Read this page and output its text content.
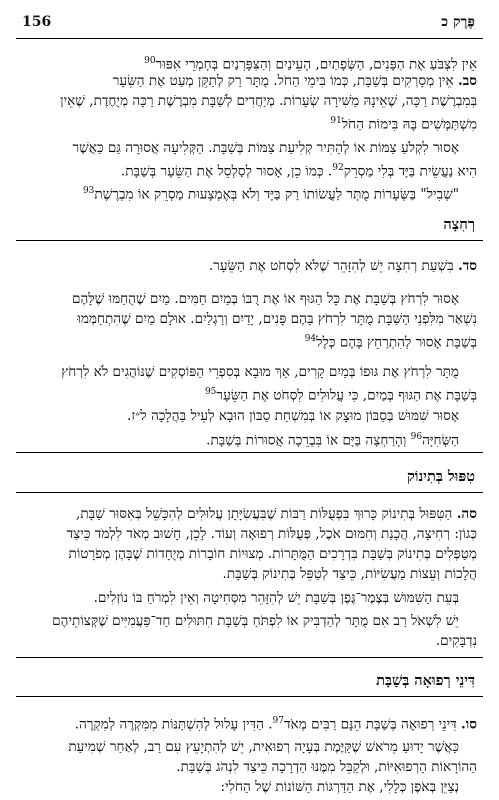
156	פֶּרֶק כ
אֵין לִצְבֹּעַ אֶת הַפָּנִים, הַשְּׂפָתַיִם, הָעֵינַיִם וְהַצִּפָּרְנַיִם בְּחָמְרֵי אִפּוּר$^{90}$
סב. אֵין מְסָרְקִים בְּשַׁבָּת, כְּמוֹ בִּימֵי הַחֹל. מֻתָּר רַק לְתַקֵּן מְעַט אֶת הַשֵּׂעָר
בְּמִבְרֶשֶׁת רַכָּה, שֶׁאֵינָהּ מַשִּׁירָה שְׂעָרוֹת. מְיַחֲדִים לְשַׁבָּת מִבְרֶשֶׁת רַכָּה מְיֻחֶדֶת, שֶׁאֵין
מִשְׁתַּמְּשִׁים בָּהּ בִּימוֹת הַחֹל$^{91}$
אָסוּר לִקְלֹעַ צַמּוֹת אוֹ לְהַתִּיר קְלִיעַת צַמּוֹת בְּשַׁבָּת. הַקְּלִיעָה אֲסוּרָה גַּם כַּאֲשֶׁר
הִיא נַעֲשֵׂית בַּיָּד בְּלִי מַסְרֵק$^{92}$. כְּמוֹ כֵן, אָסוּר לְסַלְסֵל אֶת הַשֵּׂעָר בְּשַׁבָּת.
"שְׁבִיל" בַּשְּׂעָרוֹת מֻתָּר לַעֲשׂוֹתוֹ רַק בַּיָּד וְלֹא בְּאֶמְצָעוּת מַסְרֵק אוֹ מִבְרֶשֶׁת$^{93}$
רְחִצָה
סד. בִּשְׁעַת רְחִצָה יֵשׁ לְהִזָּהֵר שֶׁלֹּא לִסְחֹט אֶת הַשֵּׂעָר.
אָסוּר לִרְחֹץ בְּשַׁבָּת אֶת כָּל הַגּוּף אוֹ אֶת רֻבּוֹ בְּמַיִם חַמִּים. מַיִם שֶׁהֻחַמּוּ שֶׁלָּהֶם
נִשְׁאַר מִלִּפְנֵי הַשַּׁבָּת מֻתָּר לִרְחֹץ בָּהֶם פָּנִים, יָדַיִם וְרַגְלַיִם. אוּלָם מַיִם שֶׁהִתְחַמְּמוּ
בְּשַׁבָּת אָסוּר לְהִתְרַחֵץ בָּהֶם כְּלָל$^{94}$
מֻתָּר לִרְחֹץ אֶת גּוּפוֹ בְּמַיִם קָרִים, אַךְ מוּבָא בְּסִפְרֵי הַפּוֹסְקִים שֶׁנּוֹהֲגִים לֹא לִרְחֹץ
בְּשַׁבָּת אֶת הַגּוּף בְּמַיִם, כִּי עֲלוּלִים לִסְחֹט אֶת הַשֵּׂעָר$^{95}$
אָסוּר שִׁמּוּשׁ בְּסַבּוֹן מוּצָק אוֹ בְּמִשְׁחַת סַבּוֹן הוּבָא לְעֵיל בַּהֲלָכָה ל״ז.
הַשְּׂחִיָּה$^{96}$ וְהָרַחְצָה בַּיָּם אוֹ בִּבְרֵכָה אֲסוּרוֹת בְּשַׁבָּת.
טִפּוּל בְּתִינוֹק
סה. הַטִּפּוּל בְּתִינוֹק כָּרוּךְ בִּפְעֻלּוֹת רַבּוֹת שֶׁבִּעֲשִׂיָּתָן עֲלוּלִים לְהִכָּשֵׁל בְּאִסּוּר שַׁבָּת,
כְּגוֹן: רְחִיצָה, הֲכָנַת וְחִמּוּם אֹכֶל, פְּעֻלּוֹת רְפוּאָה וְעוֹד. לָכֵן, חָשׁוּב מְאֹד לִלְמֹד כֵּיצַד
מְטַפְּלִים בְּתִינוֹק בְּשַׁבָּת בִּדְרָכִים הַמֻּתָּרוֹת. מְצוּיוֹת חוֹבָרוֹת מְיֻחָדוֹת שֶׁבָּהֶן מְפֹרָטוֹת
הֲלָכוֹת וְעֵצוֹת מַעֲשִׂיּוֹת, כֵּיצַד לְטַפֵּל בְּתִינוֹק בְּשַׁבָּת.
בְּעֵת הַשִּׁמּוּשׁ בְּצֶמֶר־גֶּפֶן בְּשַׁבָּת יֵשׁ לְהִזָּהֵר מִסְּחִיטָה וְאֵין לִמְרֹחַ בּוֹ נוֹזְלִים.
יֵשׁ לִשְׁאֹל רַב אִם מֻתָּר לְהַדְבִּיק אוֹ לִפְתֹּחַ בְּשַׁבָּת חִתּוּלִים חַד־פַּעֲמִיִּים שֶׁקְּצוֹתֵיהֶם
נִדְבָּקִים.
דִּינֵי רְפוּאָה בְּשַׁבָּת
סו. דִּינֵי רְפוּאָה בְּשַׁבָּת הֵנָּם רַבִּים מְאֹד$^{97}$. הַדִּין עָלוּל לְהִשְׁתַּנּוֹת מִמִּקְרֶה לְמִקְרֶה.
כַּאֲשֶׁר יָדוּעַ מֵרֹאשׁ שֶׁקַּיֶּמֶת בְּעָיָה רְפוּאִית, יֵשׁ לְהִתְיָעֵץ עִם רַב, לְאַחַר שְׁמִיעַת
הַהוֹרָאוֹת הָרְפוּאִיּוֹת, וּלְקַבֵּל מִמֶּנּוּ הַדְרָכָה כֵּיצַד לִנְהֹג בְּשַׁבָּת.
נְצַיֵּן בְּאֹפֶן כְּלָלִי, אֶת הַדַּרְגּוֹת הַשּׁוֹנוֹת שֶׁל הַחֹלִי:
